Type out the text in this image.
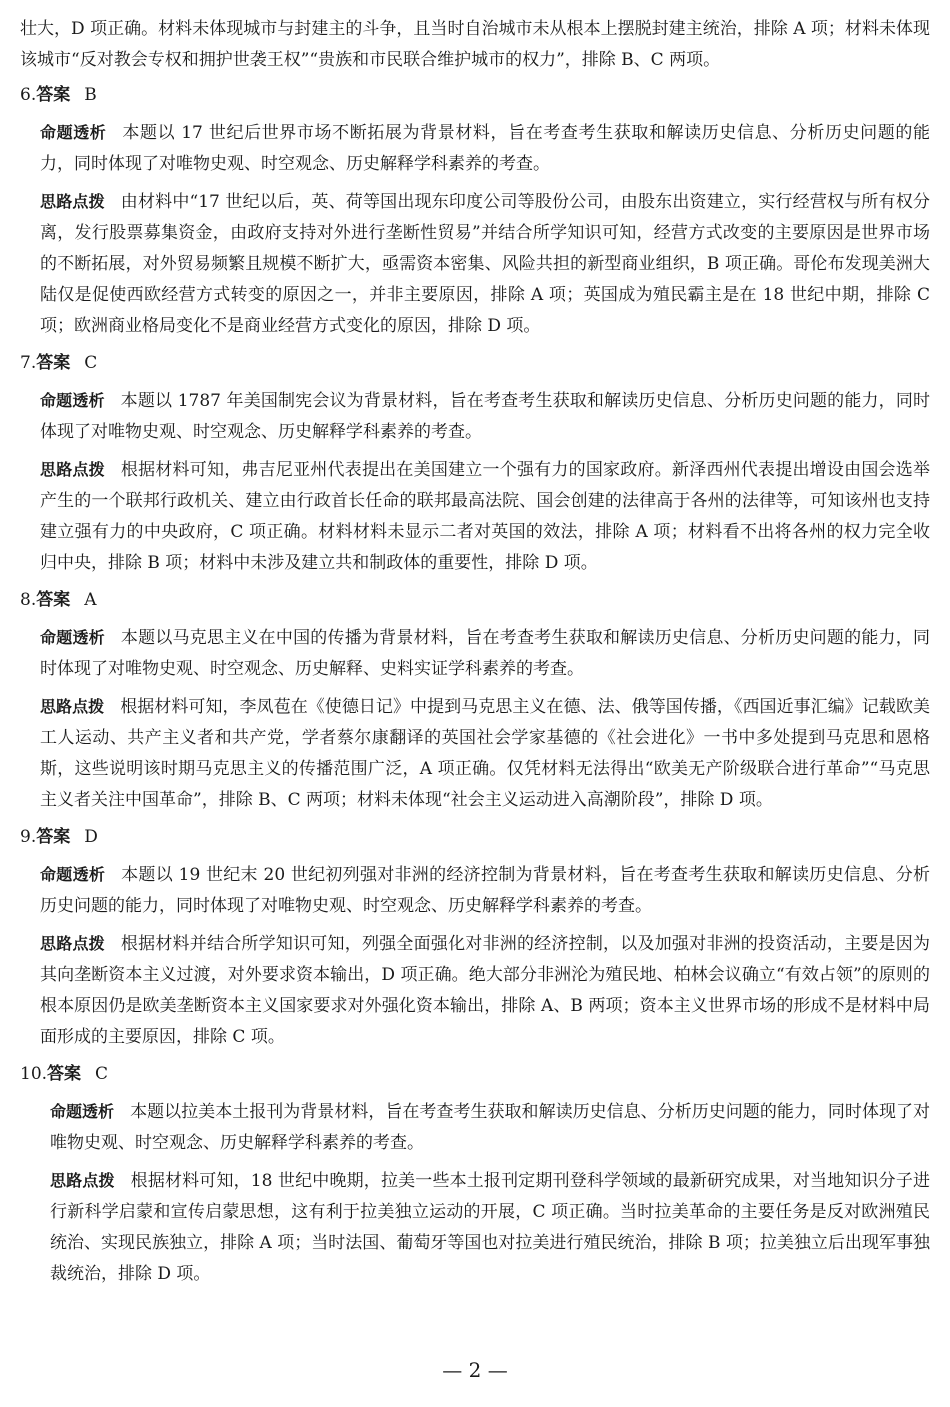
壮大，D 项正确。材料未体现城市与封建主的斗争，且当时自治城市未从根本上摆脱封建主统治，排除 A 项；材料未体现该城市“反对教会专权和拥护世袭王权”“贵族和市民联合维护城市的权力”，排除 B、C 两项。

6.答案 B

命题透析 本题以 17 世纪后世界市场不断拓展为背景材料，旨在考查考生获取和解读历史信息、分析历史问题的能力，同时体现了对唯物史观、时空观念、历史解释学科素养的考查。

思路点拨 由材料中“17 世纪以后，英、荷等国出现东印度公司等股份公司，由股东出资建立，实行经营权与所有权分离，发行股票募集资金，由政府支持对外进行垄断性贸易”并结合所学知识可知，经营方式改变的主要原因是世界市场的不断拓展，对外贸易频繁且规模不断扩大，亟需资本密集、风险共担的新型商业组织，B 项正确。哥伦布发现美洲大陆仅是促使西欧经营方式转变的原因之一，并非主要原因，排除 A 项；英国成为殖民霸主是在 18 世纪中期，排除 C 项；欧洲商业格局变化不是商业经营方式变化的原因，排除 D 项。

7.答案 C

命题透析 本题以 1787 年美国制宪会议为背景材料，旨在考查考生获取和解读历史信息、分析历史问题的能力，同时体现了对唯物史观、时空观念、历史解释学科素养的考查。

思路点拨 根据材料可知，弗吉尼亚州代表提出在美国建立一个强有力的国家政府。新泽西州代表提出增设由国会选举产生的一个联邦行政机关、建立由行政首长任命的联邦最高法院、国会创建的法律高于各州的法律等，可知该州也支持建立强有力的中央政府，C 项正确。材料材料未显示二者对英国的效法，排除 A 项；材料看不出将各州的权力完全收归中央，排除 B 项；材料中未涉及建立共和制政体的重要性，排除 D 项。

8.答案 A

命题透析 本题以马克思主义在中国的传播为背景材料，旨在考查考生获取和解读历史信息、分析历史问题的能力，同时体现了对唯物史观、时空观念、历史解释、史料实证学科素养的考查。

思路点拨 根据材料可知，李凤苞在《使德日记》中提到马克思主义在德、法、俄等国传播，《西国近事汇编》记载欧美工人运动、共产主义者和共产党，学者蔡尔康翻译的英国社会学家基德的《社会进化》一书中多处提到马克思和恩格斯，这些说明该时期马克思主义的传播范围广泛，A 项正确。仅凭材料无法得出“欧美无产阶级联合进行革命”“马克思主义者关注中国革命”，排除 B、C 两项；材料未体现“社会主义运动进入高潮阶段”，排除 D 项。

9.答案 D

命题透析 本题以 19 世纪末 20 世纪初列强对非洲的经济控制为背景材料，旨在考查考生获取和解读历史信息、分析历史问题的能力，同时体现了对唯物史观、时空观念、历史解释学科素养的考查。

思路点拨 根据材料并结合所学知识可知，列强全面强化对非洲的经济控制，以及加强对非洲的投资活动，主要是因为其向垄断资本主义过渡，对外要求资本输出，D 项正确。绝大部分非洲沦为殖民地、柏林会议确立“有效占领”的原则的根本原因仍是欧美垄断资本主义国家要求对外强化资本输出，排除 A、B 两项；资本主义世界市场的形成不是材料中局面形成的主要原因，排除 C 项。

10.答案 C

命题透析 本题以拉美本土报刊为背景材料，旨在考查考生获取和解读历史信息、分析历史问题的能力，同时体现了对唯物史观、时空观念、历史解释学科素养的考查。

思路点拨 根据材料可知，18 世纪中晚期，拉美一些本土报刊定期刊登科学领域的最新研究成果，对当地知识分子进行新科学启蒙和宣传启蒙思想，这有利于拉美独立运动的开展，C 项正确。当时拉美革命的主要任务是反对欧洲殖民统治、实现民族独立，排除 A 项；当时法国、葡萄牙等国也对拉美进行殖民统治，排除 B 项；拉美独立后出现军事独裁统治，排除 D 项。

— 2 —
